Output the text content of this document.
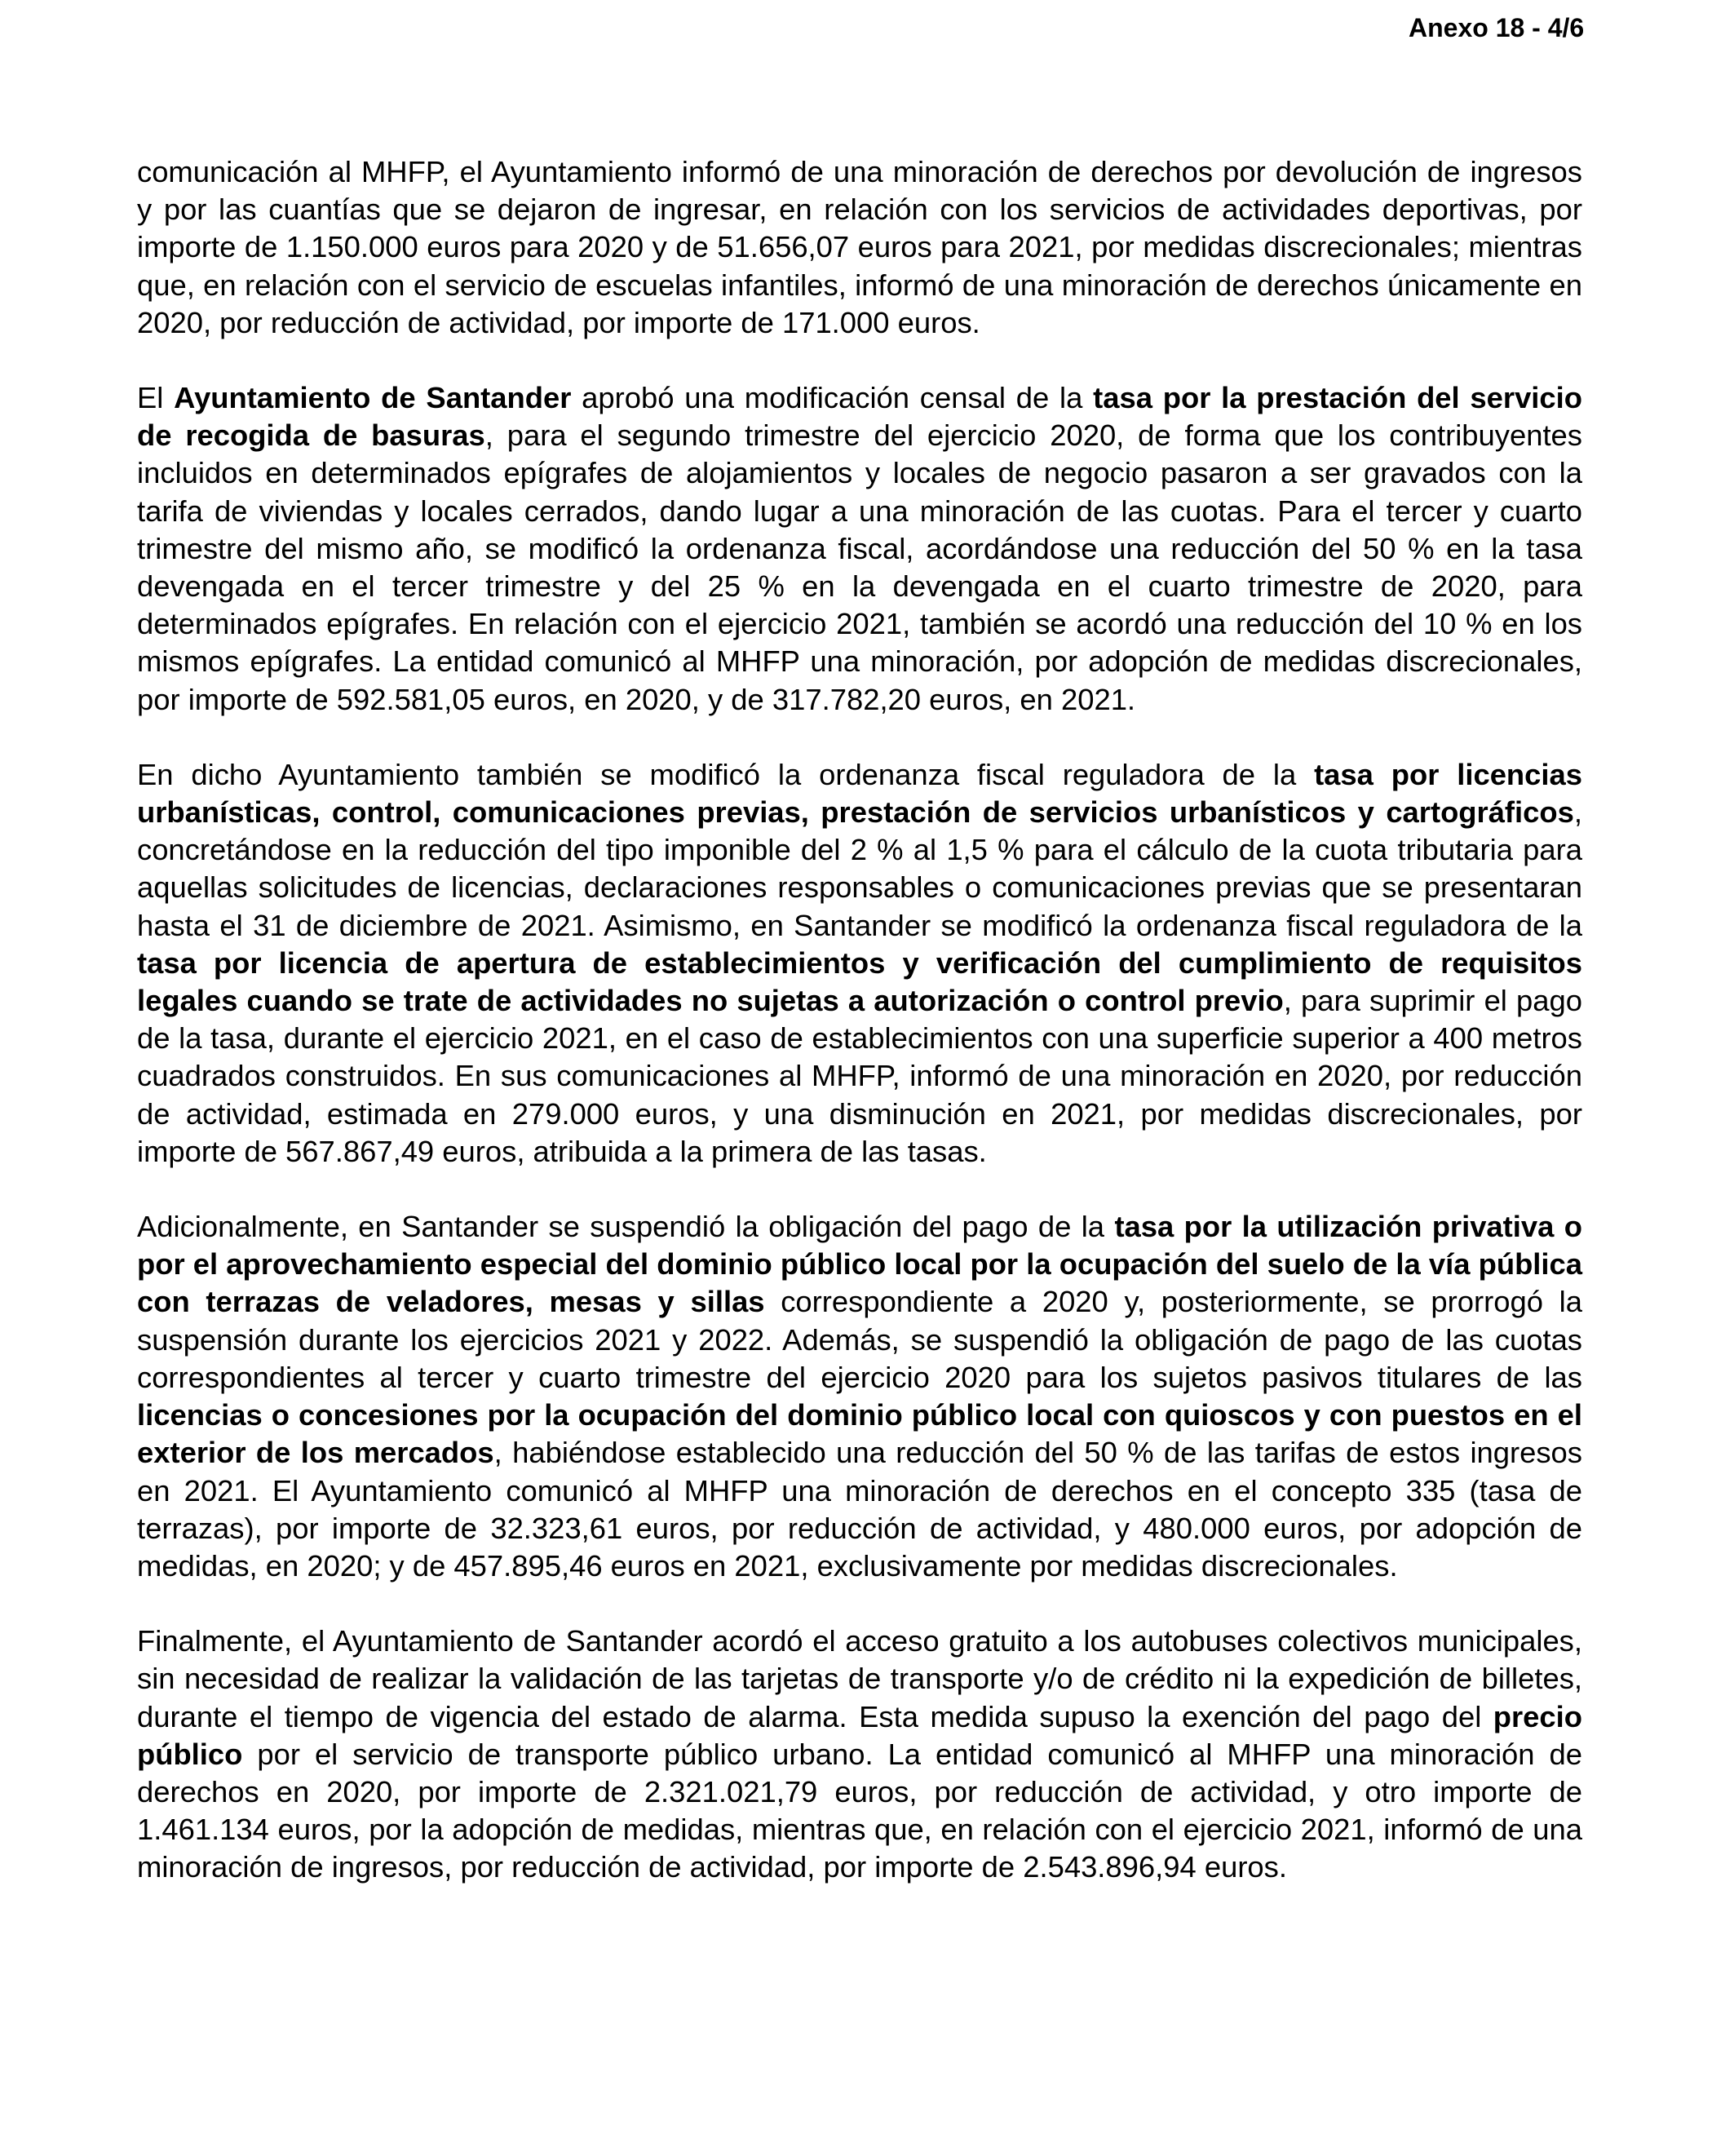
Anexo 18 - 4/6

comunicación al MHFP, el Ayuntamiento informó de una minoración de derechos por devolución de ingresos y por las cuantías que se dejaron de ingresar, en relación con los servicios de actividades deportivas, por importe de 1.150.000 euros para 2020 y de 51.656,07 euros para 2021, por medidas discrecionales; mientras que, en relación con el servicio de escuelas infantiles, informó de una minoración de derechos únicamente en 2020, por reducción de actividad, por importe de 171.000 euros.

El Ayuntamiento de Santander aprobó una modificación censal de la tasa por la prestación del servicio de recogida de basuras, para el segundo trimestre del ejercicio 2020, de forma que los contribuyentes incluidos en determinados epígrafes de alojamientos y locales de negocio pasaron a ser gravados con la tarifa de viviendas y locales cerrados, dando lugar a una minoración de las cuotas. Para el tercer y cuarto trimestre del mismo año, se modificó la ordenanza fiscal, acordándose una reducción del 50 % en la tasa devengada en el tercer trimestre y del 25 % en la devengada en el cuarto trimestre de 2020, para determinados epígrafes. En relación con el ejercicio 2021, también se acordó una reducción del 10 % en los mismos epígrafes. La entidad comunicó al MHFP una minoración, por adopción de medidas discrecionales, por importe de 592.581,05 euros, en 2020, y de 317.782,20 euros, en 2021.

En dicho Ayuntamiento también se modificó la ordenanza fiscal reguladora de la tasa por licencias urbanísticas, control, comunicaciones previas, prestación de servicios urbanísticos y cartográficos, concretándose en la reducción del tipo imponible del 2 % al 1,5 % para el cálculo de la cuota tributaria para aquellas solicitudes de licencias, declaraciones responsables o comunicaciones previas que se presentaran hasta el 31 de diciembre de 2021. Asimismo, en Santander se modificó la ordenanza fiscal reguladora de la tasa por licencia de apertura de establecimientos y verificación del cumplimiento de requisitos legales cuando se trate de actividades no sujetas a autorización o control previo, para suprimir el pago de la tasa, durante el ejercicio 2021, en el caso de establecimientos con una superficie superior a 400 metros cuadrados construidos. En sus comunicaciones al MHFP, informó de una minoración en 2020, por reducción de actividad, estimada en 279.000 euros, y una disminución en 2021, por medidas discrecionales, por importe de 567.867,49 euros, atribuida a la primera de las tasas.

Adicionalmente, en Santander se suspendió la obligación del pago de la tasa por la utilización privativa o por el aprovechamiento especial del dominio público local por la ocupación del suelo de la vía pública con terrazas de veladores, mesas y sillas correspondiente a 2020 y, posteriormente, se prorrogó la suspensión durante los ejercicios 2021 y 2022. Además, se suspendió la obligación de pago de las cuotas correspondientes al tercer y cuarto trimestre del ejercicio 2020 para los sujetos pasivos titulares de las licencias o concesiones por la ocupación del dominio público local con quioscos y con puestos en el exterior de los mercados, habiéndose establecido una reducción del 50 % de las tarifas de estos ingresos en 2021. El Ayuntamiento comunicó al MHFP una minoración de derechos en el concepto 335 (tasa de terrazas), por importe de 32.323,61 euros, por reducción de actividad, y 480.000 euros, por adopción de medidas, en 2020; y de 457.895,46 euros en 2021, exclusivamente por medidas discrecionales.

Finalmente, el Ayuntamiento de Santander acordó el acceso gratuito a los autobuses colectivos municipales, sin necesidad de realizar la validación de las tarjetas de transporte y/o de crédito ni la expedición de billetes, durante el tiempo de vigencia del estado de alarma. Esta medida supuso la exención del pago del precio público por el servicio de transporte público urbano. La entidad comunicó al MHFP una minoración de derechos en 2020, por importe de 2.321.021,79 euros, por reducción de actividad, y otro importe de 1.461.134 euros, por la adopción de medidas, mientras que, en relación con el ejercicio 2021, informó de una minoración de ingresos, por reducción de actividad, por importe de 2.543.896,94 euros.
